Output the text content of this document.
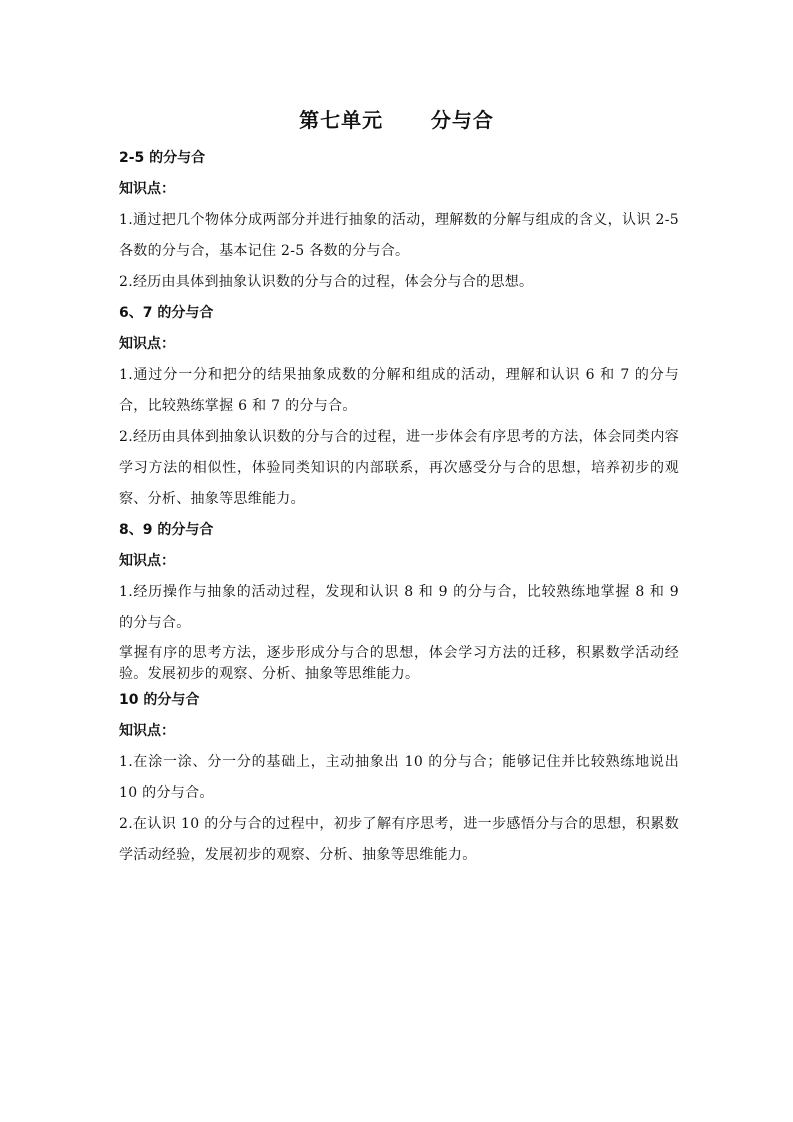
第七单元      分与合
2-5 的分与合
知识点：

1.通过把几个物体分成两部分并进行抽象的活动，理解数的分解与组成的含义，认识 2-5 各数的分与合，基本记住 2-5 各数的分与合。

2.经历由具体到抽象认识数的分与合的过程，体会分与合的思想。

6、7 的分与合
知识点：

1.通过分一分和把分的结果抽象成数的分解和组成的活动，理解和认识 6 和 7 的分与合，比较熟练掌握 6 和 7 的分与合。

2.经历由具体到抽象认识数的分与合的过程，进一步体会有序思考的方法，体会同类内容学习方法的相似性，体验同类知识的内部联系，再次感受分与合的思想，培养初步的观察、分析、抽象等思维能力。

8、9 的分与合
知识点：

1.经历操作与抽象的活动过程，发现和认识 8 和 9 的分与合，比较熟练地掌握 8 和 9 的分与合。

掌握有序的思考方法，逐步形成分与合的思想，体会学习方法的迁移，积累数学活动经验。发展初步的观察、分析、抽象等思维能力。

10 的分与合
知识点：

1.在涂一涂、分一分的基础上，主动抽象出 10 的分与合；能够记住并比较熟练地说出 10 的分与合。

2.在认识 10 的分与合的过程中，初步了解有序思考，进一步感悟分与合的思想，积累数学活动经验，发展初步的观察、分析、抽象等思维能力。
